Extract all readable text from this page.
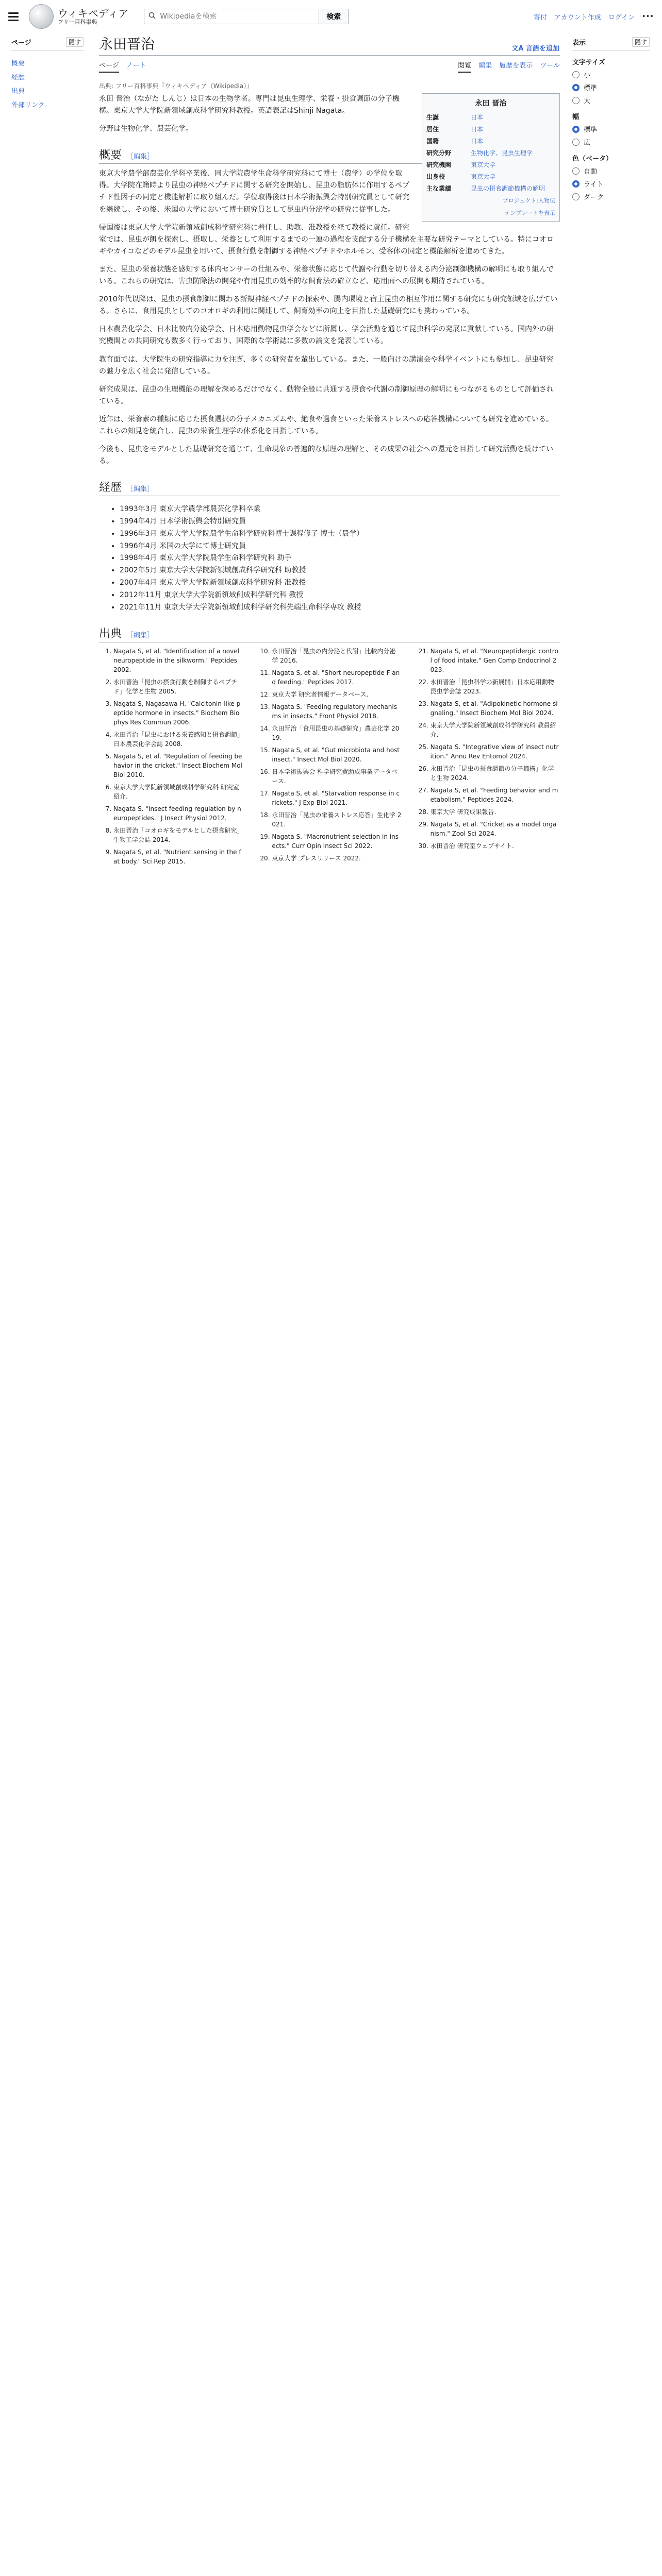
ウィキペディア
フリー百科事典
Wikipediaを検索
検索	寄付 アカウント作成 ログイン •••
ページ	隠す
概要
経歴
出典
外部リンク
永田晋治	文A 言語を追加
ページ ノート	閲覧 編集 履歴を表示 ツール
出典: フリー百科事典『ウィキペディア（Wikipedia）』
永田 晋治
生誕	日本
居住	日本
国籍	日本
研究分野	生物化学、昆虫生理学
研究機関	東京大学
出身校	東京大学
主な業績	昆虫の摂食調節機構の解明
プロジェクト:人物伝
テンプレートを表示

永田 晋治（ながた しんじ）は日本の生物学者。専門は昆虫生理学、栄養・摂食調節の分子機構。東京大学大学院新領域創成科学研究科教授。英語表記はShinji Nagata。

分野は生物化学、農芸化学。

概要 ［編集］

東京大学農学部農芸化学科卒業後、同大学院農学生命科学研究科にて博士（農学）の学位を取得。大学院在籍時より昆虫の神経ペプチドに関する研究を開始し、昆虫の脂肪体に作用するペプチド性因子の同定と機能解析に取り組んだ。学位取得後は日本学術振興会特別研究員として研究を継続し、その後、米国の大学において博士研究員として昆虫内分泌学の研究に従事した。

帰国後は東京大学大学院新領域創成科学研究科に着任し、助教、准教授を経て教授に就任。研究室では、昆虫が餌を探索し、摂取し、栄養として利用するまでの一連の過程を支配する分子機構を主要な研究テーマとしている。特にコオロギやカイコなどのモデル昆虫を用いて、摂食行動を制御する神経ペプチドやホルモン、受容体の同定と機能解析を進めてきた。

また、昆虫の栄養状態を感知する体内センサーの仕組みや、栄養状態に応じて代謝や行動を切り替える内分泌制御機構の解明にも取り組んでいる。これらの研究は、害虫防除法の開発や有用昆虫の効率的な飼育法の確立など、応用面への展開も期待されている。

2010年代以降は、昆虫の摂食制御に関わる新規神経ペプチドの探索や、腸内環境と宿主昆虫の相互作用に関する研究にも研究領域を広げている。さらに、食用昆虫としてのコオロギの利用に関連して、飼育効率の向上を目指した基礎研究にも携わっている。

日本農芸化学会、日本比較内分泌学会、日本応用動物昆虫学会などに所属し、学会活動を通じて昆虫科学の発展に貢献している。国内外の研究機関との共同研究も数多く行っており、国際的な学術誌に多数の論文を発表している。

教育面では、大学院生の研究指導に力を注ぎ、多くの研究者を輩出している。また、一般向けの講演会や科学イベントにも参加し、昆虫研究の魅力を広く社会に発信している。

研究成果は、昆虫の生理機能の理解を深めるだけでなく、動物全般に共通する摂食や代謝の制御原理の解明にもつながるものとして評価されている。

近年は、栄養素の種類に応じた摂食選択の分子メカニズムや、絶食や過食といった栄養ストレスへの応答機構についても研究を進めている。これらの知見を統合し、昆虫の栄養生理学の体系化を目指している。

今後も、昆虫をモデルとした基礎研究を通じて、生命現象の普遍的な原理の理解と、その成果の社会への還元を目指して研究活動を続けている。

経歴 ［編集］
• 1993年3月 東京大学農学部農芸化学科卒業
• 1994年4月 日本学術振興会特別研究員
• 1996年3月 東京大学大学院農学生命科学研究科博士課程修了 博士（農学）
• 1996年4月 米国の大学にて博士研究員
• 1998年4月 東京大学大学院農学生命科学研究科 助手
• 2002年5月 東京大学大学院新領域創成科学研究科 助教授
• 2007年4月 東京大学大学院新領域創成科学研究科 准教授
• 2012年11月 東京大学大学院新領域創成科学研究科 教授
• 2021年11月 東京大学大学院新領域創成科学研究科先端生命科学専攻 教授
出典 ［編集］
1. Nagata S, et al. "Identification of a novel neuropeptide in the silkworm." Peptides 2002.
2. 永田晋治「昆虫の摂食行動を制御するペプチド」化学と生物 2005.
3. Nagata S, Nagasawa H. "Calcitonin-like peptide hormone in insects." Biochem Biophys Res Commun 2006.
4. 永田晋治「昆虫における栄養感知と摂食調節」日本農芸化学会誌 2008.
5. Nagata S, et al. "Regulation of feeding behavior in the cricket." Insect Biochem Mol Biol 2010.
6. 東京大学大学院新領域創成科学研究科 研究室紹介.
7. Nagata S. "Insect feeding regulation by neuropeptides." J Insect Physiol 2012.
8. 永田晋治「コオロギをモデルとした摂食研究」生物工学会誌 2014.
9. Nagata S, et al. "Nutrient sensing in the fat body." Sci Rep 2015.
10. 永田晋治「昆虫の内分泌と代謝」比較内分泌学 2016.
11. Nagata S, et al. "Short neuropeptide F and feeding." Peptides 2017.
12. 東京大学 研究者情報データベース.
13. Nagata S. "Feeding regulatory mechanisms in insects." Front Physiol 2018.
14. 永田晋治「食用昆虫の基礎研究」農芸化学 2019.
15. Nagata S, et al. "Gut microbiota and host insect." Insect Mol Biol 2020.
16. 日本学術振興会 科学研究費助成事業データベース.
17. Nagata S, et al. "Starvation response in crickets." J Exp Biol 2021.
18. 永田晋治「昆虫の栄養ストレス応答」生化学 2021.
19. Nagata S. "Macronutrient selection in insects." Curr Opin Insect Sci 2022.
20. 東京大学 プレスリリース 2022.
21. Nagata S, et al. "Neuropeptidergic control of food intake." Gen Comp Endocrinol 2023.
22. 永田晋治「昆虫科学の新展開」日本応用動物昆虫学会誌 2023.
23. Nagata S, et al. "Adipokinetic hormone signaling." Insect Biochem Mol Biol 2024.
24. 東京大学大学院新領域創成科学研究科 教員紹介.
25. Nagata S. "Integrative view of insect nutrition." Annu Rev Entomol 2024.
26. 永田晋治「昆虫の摂食調節の分子機構」化学と生物 2024.
27. Nagata S, et al. "Feeding behavior and metabolism." Peptides 2024.
28. 東京大学 研究成果報告.
29. Nagata S, et al. "Cricket as a model organism." Zool Sci 2024.
30. 永田晋治 研究室ウェブサイト.
表示	隠す
文字サイズ
小
標準
大
幅
標準
広
色（ベータ）
自動
ライト
ダーク
